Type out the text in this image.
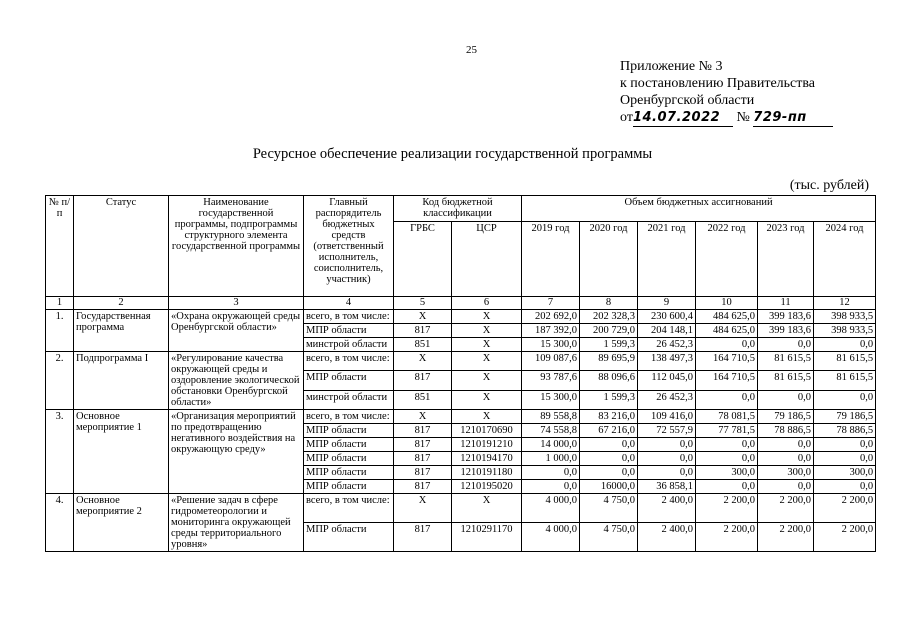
25
Приложение № 3
к постановлению Правительства
Оренбургской области
от14.07.2022 № 729-пп
Ресурсное обеспечение реализации государственной программы
(тыс. рублей)
№ п/п	Статус	Наименование государственной программы, подпрограммы структурного элемента государственной программы	Главный распорядитель бюджетных средств (ответственный исполнитель, соисполнитель, участник)	Код бюджетной классификации		Объем бюджетных ассигнований					
				ГРБС	ЦСР	2019 год	2020 год	2021 год	2022 год	2023 год	2024 год
1	2	3	4	5	6	7	8	9	10	11	12
1.	Государственная программа	«Охрана окружающей среды Оренбургской области»	всего, в том числе:	Х	Х	202 692,0	202 328,3	230 600,4	484 625,0	399 183,6	398 933,5
			МПР области	817	Х	187 392,0	200 729,0	204 148,1	484 625,0	399 183,6	398 933,5
			минстрой области	851	Х	15 300,0	1 599,3	26 452,3	0,0	0,0	0,0
2.	Подпрограмма I	«Регулирование качества окружающей среды и оздоровление экологической обстановки Оренбургской области»	всего, в том числе:	Х	Х	109 087,6	89 695,9	138 497,3	164 710,5	81 615,5	81 615,5
			МПР области	817	Х	93 787,6	88 096,6	112 045,0	164 710,5	81 615,5	81 615,5
			минстрой области	851	Х	15 300,0	1 599,3	26 452,3	0,0	0,0	0,0
3.	Основное мероприятие 1	«Организация мероприятий по предотвращению негативного воздействия на окружающую среду»	всего, в том числе:	Х	Х	89 558,8	83 216,0	109 416,0	78 081,5	79 186,5	79 186,5
			МПР области	817	1210170690	74 558,8	67 216,0	72 557,9	77 781,5	78 886,5	78 886,5
			МПР области	817	1210191210	14 000,0	0,0	0,0	0,0	0,0	0,0
			МПР области	817	1210194170	1 000,0	0,0	0,0	0,0	0,0	0,0
			МПР области	817	1210191180	0,0	0,0	0,0	300,0	300,0	300,0
			МПР области	817	1210195020	0,0	16000,0	36 858,1	0,0	0,0	0,0
4.	Основное мероприятие 2	«Решение задач в сфере гидрометеорологии и мониторинга окружающей среды территориального уровня»	всего, в том числе:	Х	Х	4 000,0	4 750,0	2 400,0	2 200,0	2 200,0	2 200,0
			МПР области	817	1210291170	4 000,0	4 750,0	2 400,0	2 200,0	2 200,0	2 200,0
